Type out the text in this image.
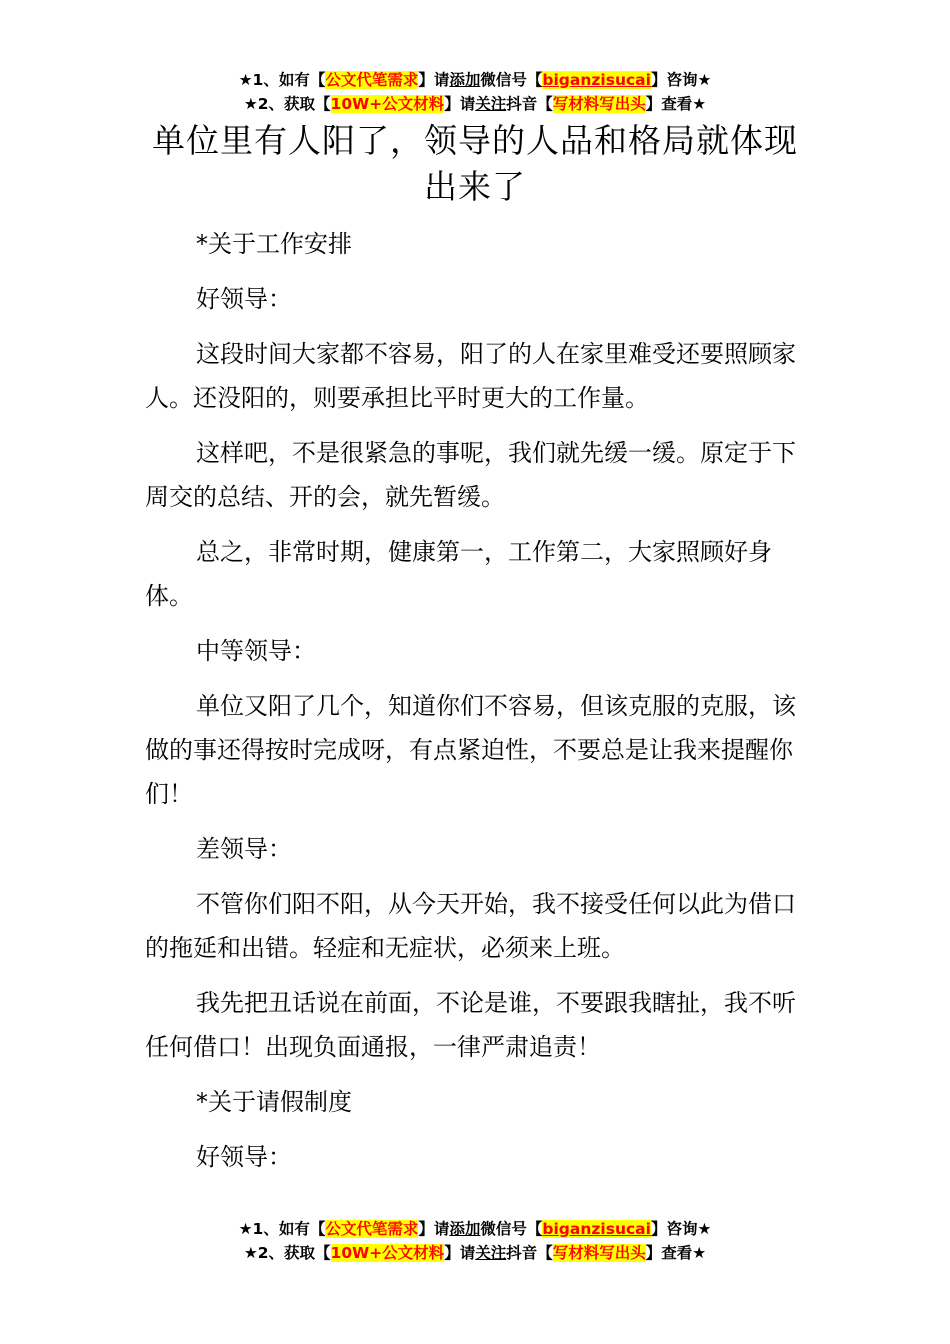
★1、如有【公文代笔需求】请添加微信号【biganzisucai】咨询★
★2、获取【10W+公文材料】请关注抖音【写材料写出头】查看★
单位里有人阳了，领导的人品和格局就体现出来了

*关于工作安排

好领导：

这段时间大家都不容易，阳了的人在家里难受还要照顾家人。还没阳的，则要承担比平时更大的工作量。

这样吧，不是很紧急的事呢，我们就先缓一缓。原定于下周交的总结、开的会，就先暂缓。

总之，非常时期，健康第一，工作第二，大家照顾好身体。

中等领导：

单位又阳了几个，知道你们不容易，但该克服的克服，该做的事还得按时完成呀，有点紧迫性，不要总是让我来提醒你们！

差领导：

不管你们阳不阳，从今天开始，我不接受任何以此为借口的拖延和出错。轻症和无症状，必须来上班。

我先把丑话说在前面，不论是谁，不要跟我瞎扯，我不听任何借口！出现负面通报，一律严肃追责！

*关于请假制度

好领导：

★1、如有【公文代笔需求】请添加微信号【biganzisucai】咨询★
★2、获取【10W+公文材料】请关注抖音【写材料写出头】查看★
